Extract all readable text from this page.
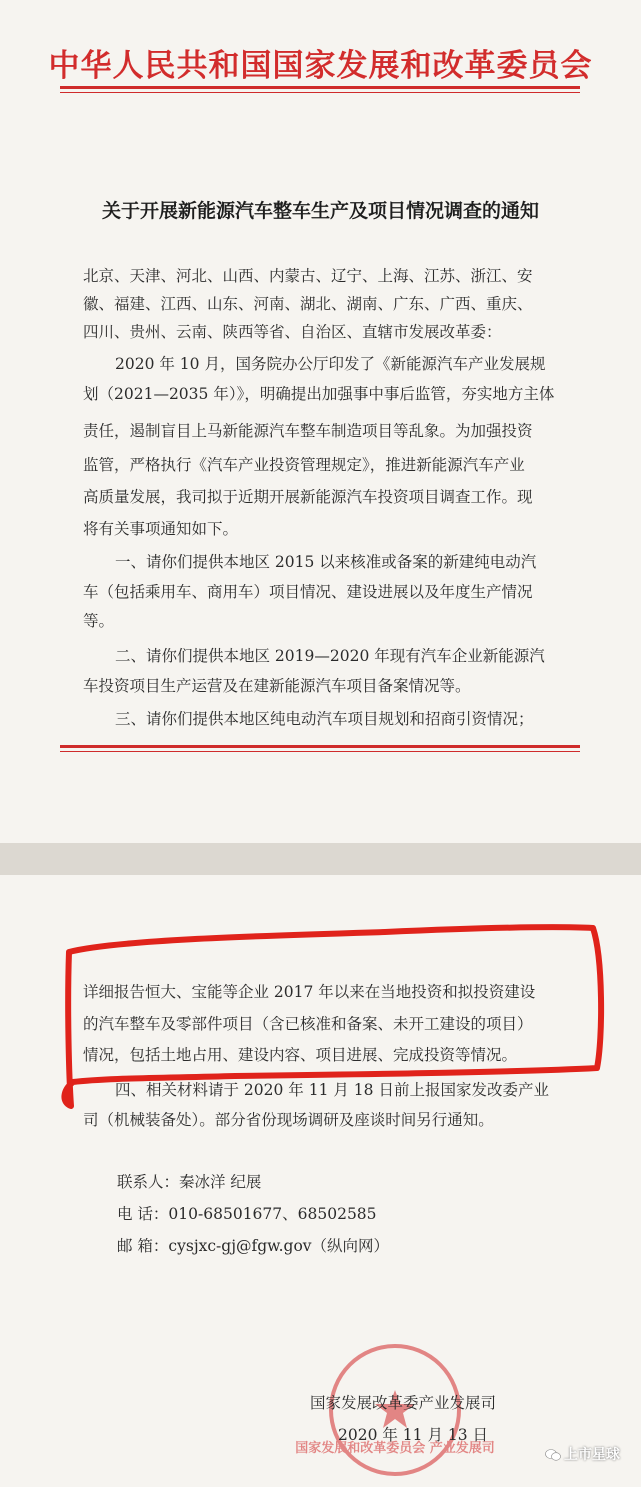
中华人民共和国国家发展和改革委员会
关于开展新能源汽车整车生产及项目情况调查的通知
北京、天津、河北、山西、内蒙古、辽宁、上海、江苏、浙江、安
徽、福建、江西、山东、河南、湖北、湖南、广东、广西、重庆、
四川、贵州、云南、陕西等省、自治区、直辖市发展改革委：
2020 年 10 月，国务院办公厅印发了《新能源汽车产业发展规
划（2021—2035 年）》，明确提出加强事中事后监管，夯实地方主体
责任，遏制盲目上马新能源汽车整车制造项目等乱象。为加强投资
监管，严格执行《汽车产业投资管理规定》，推进新能源汽车产业
高质量发展，我司拟于近期开展新能源汽车投资项目调查工作。现
将有关事项通知如下。
一、请你们提供本地区 2015 以来核准或备案的新建纯电动汽
车（包括乘用车、商用车）项目情况、建设进展以及年度生产情况
等。
二、请你们提供本地区 2019—2020 年现有汽车企业新能源汽
车投资项目生产运营及在建新能源汽车项目备案情况等。
三、请你们提供本地区纯电动汽车项目规划和招商引资情况；
详细报告恒大、宝能等企业 2017 年以来在当地投资和拟投资建设
的汽车整车及零部件项目（含已核准和备案、未开工建设的项目）
情况，包括土地占用、建设内容、项目进展、完成投资等情况。
四、相关材料请于 2020 年 11 月 18 日前上报国家发改委产业
司（机械装备处）。部分省份现场调研及座谈时间另行通知。
联系人：秦冰洋 纪展
电 话：010-68501677、68502585
邮 箱：cysjxc-gj@fgw.gov（纵向网）
国家发展和改革委员会 产业发展司
国家发展改革委产业发展司
2020 年 11 月 13 日
上市星球
